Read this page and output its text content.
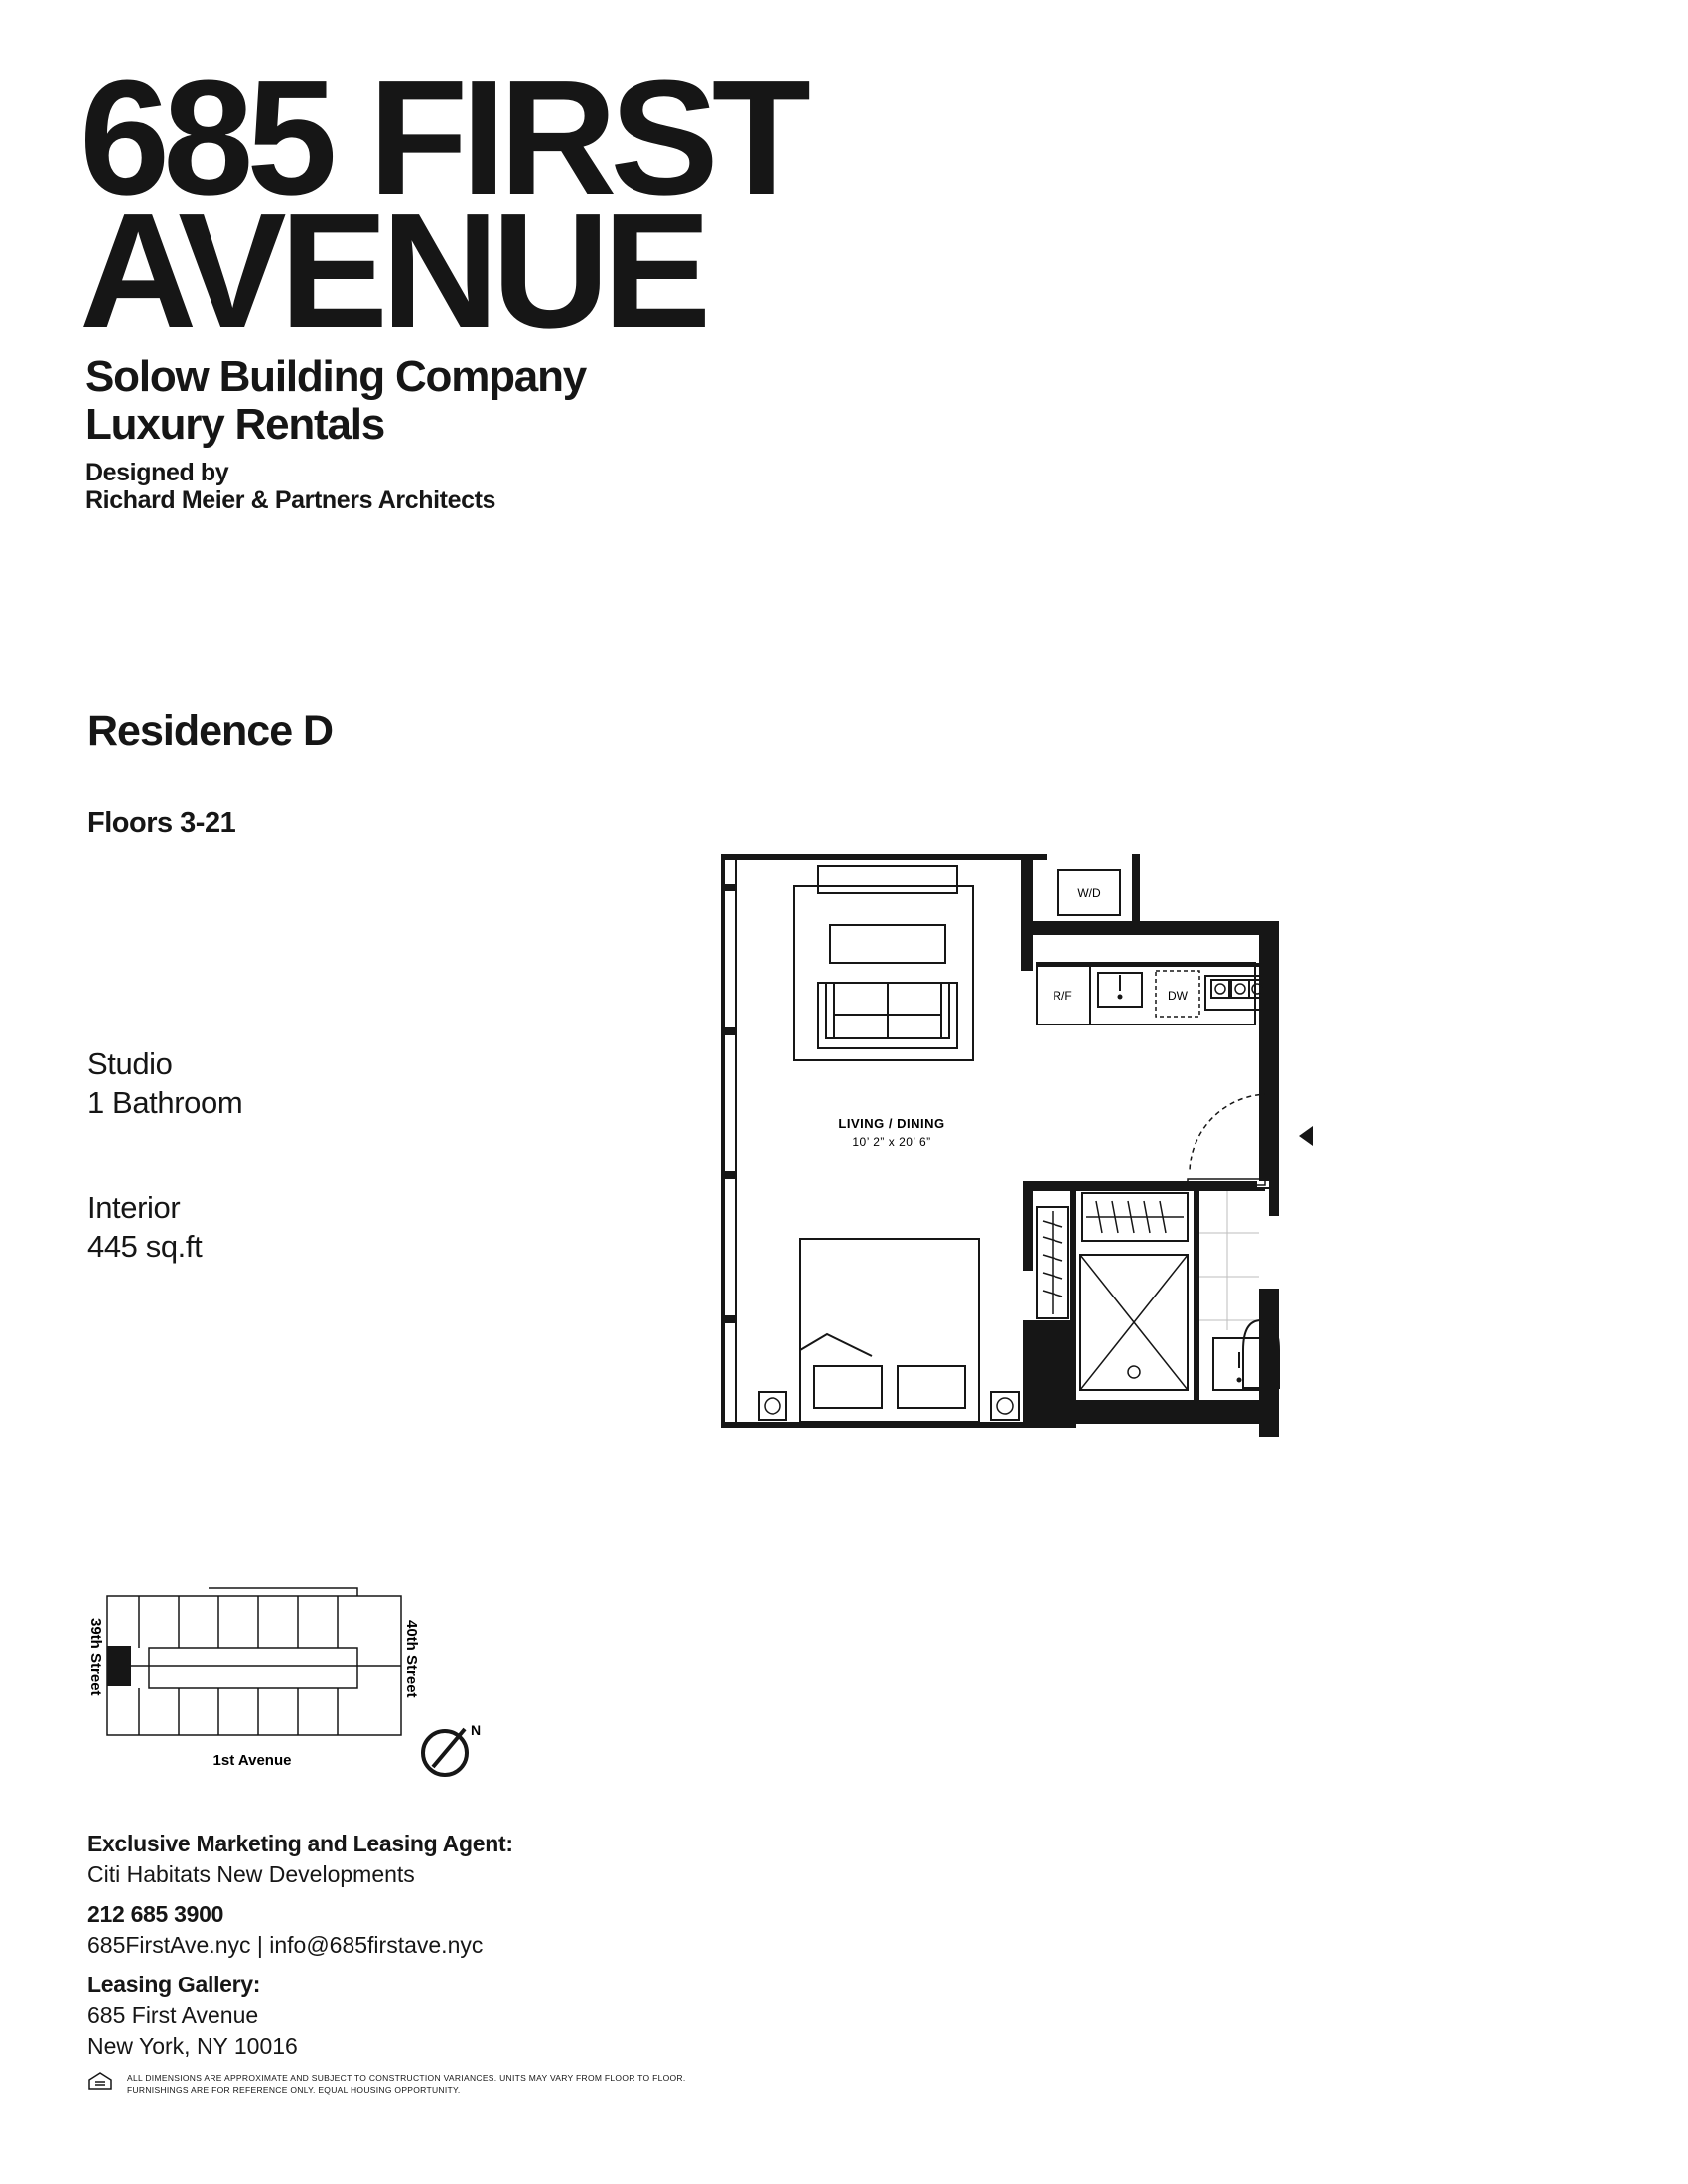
685 FIRST
AVENUE
Solow Building Company
Luxury Rentals
Designed by
Richard Meier & Partners Architects
Residence D
Floors 3-21
Studio
1 Bathroom
Interior
445 sq.ft
W/D
R/F	DW
LIVING / DINING
10’ 2” x 20’ 6”
39th Street	40th Street
1st Avenue
N
Exclusive Marketing and Leasing Agent:
Citi Habitats New Developments
212 685 3900
685FirstAve.nyc | info@685firstave.nyc
Leasing Gallery:
685 First Avenue
New York, NY 10016
ALL DIMENSIONS ARE APPROXIMATE AND SUBJECT TO CONSTRUCTION VARIANCES. UNITS MAY VARY FROM FLOOR TO FLOOR.
FURNISHINGS ARE FOR REFERENCE ONLY. EQUAL HOUSING OPPORTUNITY.
